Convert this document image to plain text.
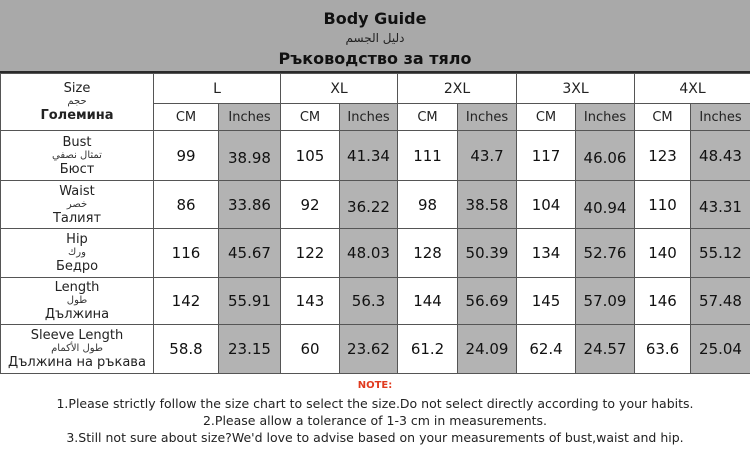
Body Guide
دليل الجسم
Ръководство за тяло
Size
حجم
Големина	L		XL		2XL		3XL		4XL	
	CM	Inches	CM	Inches	CM	Inches	CM	Inches	CM	Inches

Bust
تمثال نصفي
Бюст	99	38.98	105	41.34	111	43.7	117	46.06	123	48.43

Waist
خصر
Талият	86	33.86	92	36.22	98	38.58	104	40.94	110	43.31

Hip
ورك
Бедро	116	45.67	122	48.03	128	50.39	134	52.76	140	55.12

Length
طول
Дължина	142	55.91	143	56.3	144	56.69	145	57.09	146	57.48

Sleeve Length
طول الأكمام
Дължина на ръкава	58.8	23.15	60	23.62	61.2	24.09	62.4	24.57	63.6	25.04
NOTE:
1.Please strictly follow the size chart to select the size.Do not select directly according to your habits.
2.Please allow a tolerance of 1-3 cm in measurements.
3.Still not sure about size?We'd love to advise based on your measurements of bust,waist and hip.
